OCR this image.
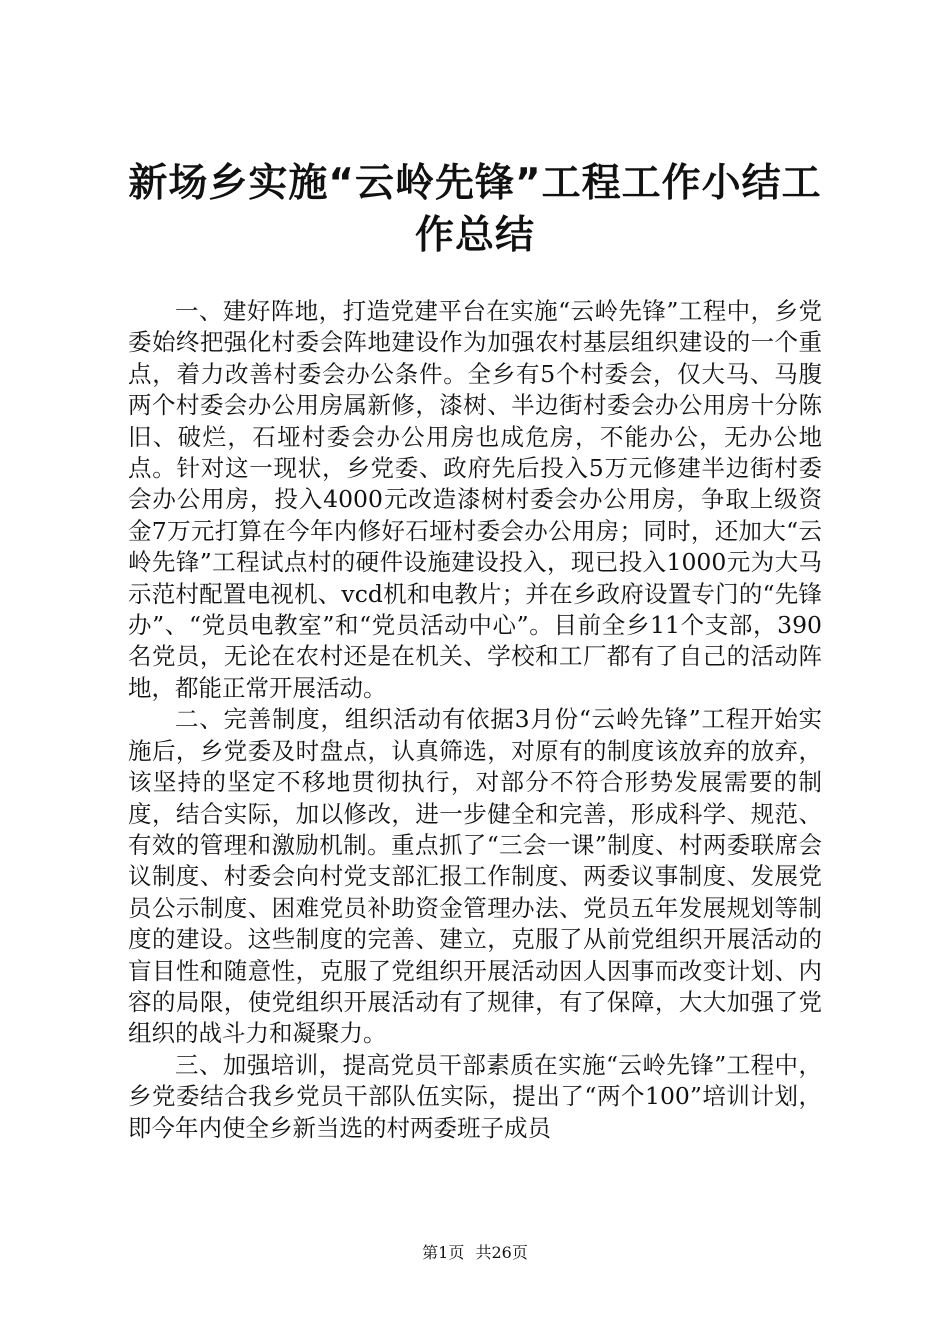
新场乡实施“云岭先锋”工程工作小结工作总结

一、建好阵地，打造党建平台在实施“云岭先锋”工程中，乡党委始终把强化村委会阵地建设作为加强农村基层组织建设的一个重点，着力改善村委会办公条件。全乡有5个村委会，仅大马、马腹两个村委会办公用房属新修，漆树、半边街村委会办公用房十分陈旧、破烂，石垭村委会办公用房也成危房，不能办公，无办公地点。针对这一现状，乡党委、政府先后投入5万元修建半边街村委会办公用房，投入4000元改造漆树村委会办公用房，争取上级资金7万元打算在今年内修好石垭村委会办公用房；同时，还加大“云岭先锋”工程试点村的硬件设施建设投入，现已投入1000元为大马示范村配置电视机、vcd机和电教片；并在乡政府设置专门的“先锋办”、“党员电教室”和“党员活动中心”。目前全乡11个支部，390名党员，无论在农村还是在机关、学校和工厂都有了自己的活动阵地，都能正常开展活动。

二、完善制度，组织活动有依据3月份“云岭先锋”工程开始实施后，乡党委及时盘点，认真筛选，对原有的制度该放弃的放弃，该坚持的坚定不移地贯彻执行，对部分不符合形势发展需要的制度，结合实际，加以修改，进一步健全和完善，形成科学、规范、有效的管理和激励机制。重点抓了“三会一课”制度、村两委联席会议制度、村委会向村党支部汇报工作制度、两委议事制度、发展党员公示制度、困难党员补助资金管理办法、党员五年发展规划等制度的建设。这些制度的完善、建立，克服了从前党组织开展活动的盲目性和随意性，克服了党组织开展活动因人因事而改变计划、内容的局限，使党组织开展活动有了规律，有了保障，大大加强了党组织的战斗力和凝聚力。

三、加强培训，提高党员干部素质在实施“云岭先锋”工程中，乡党委结合我乡党员干部队伍实际，提出了“两个100”培训计划，即今年内使全乡新当选的村两委班子成员

第1页 共26页
